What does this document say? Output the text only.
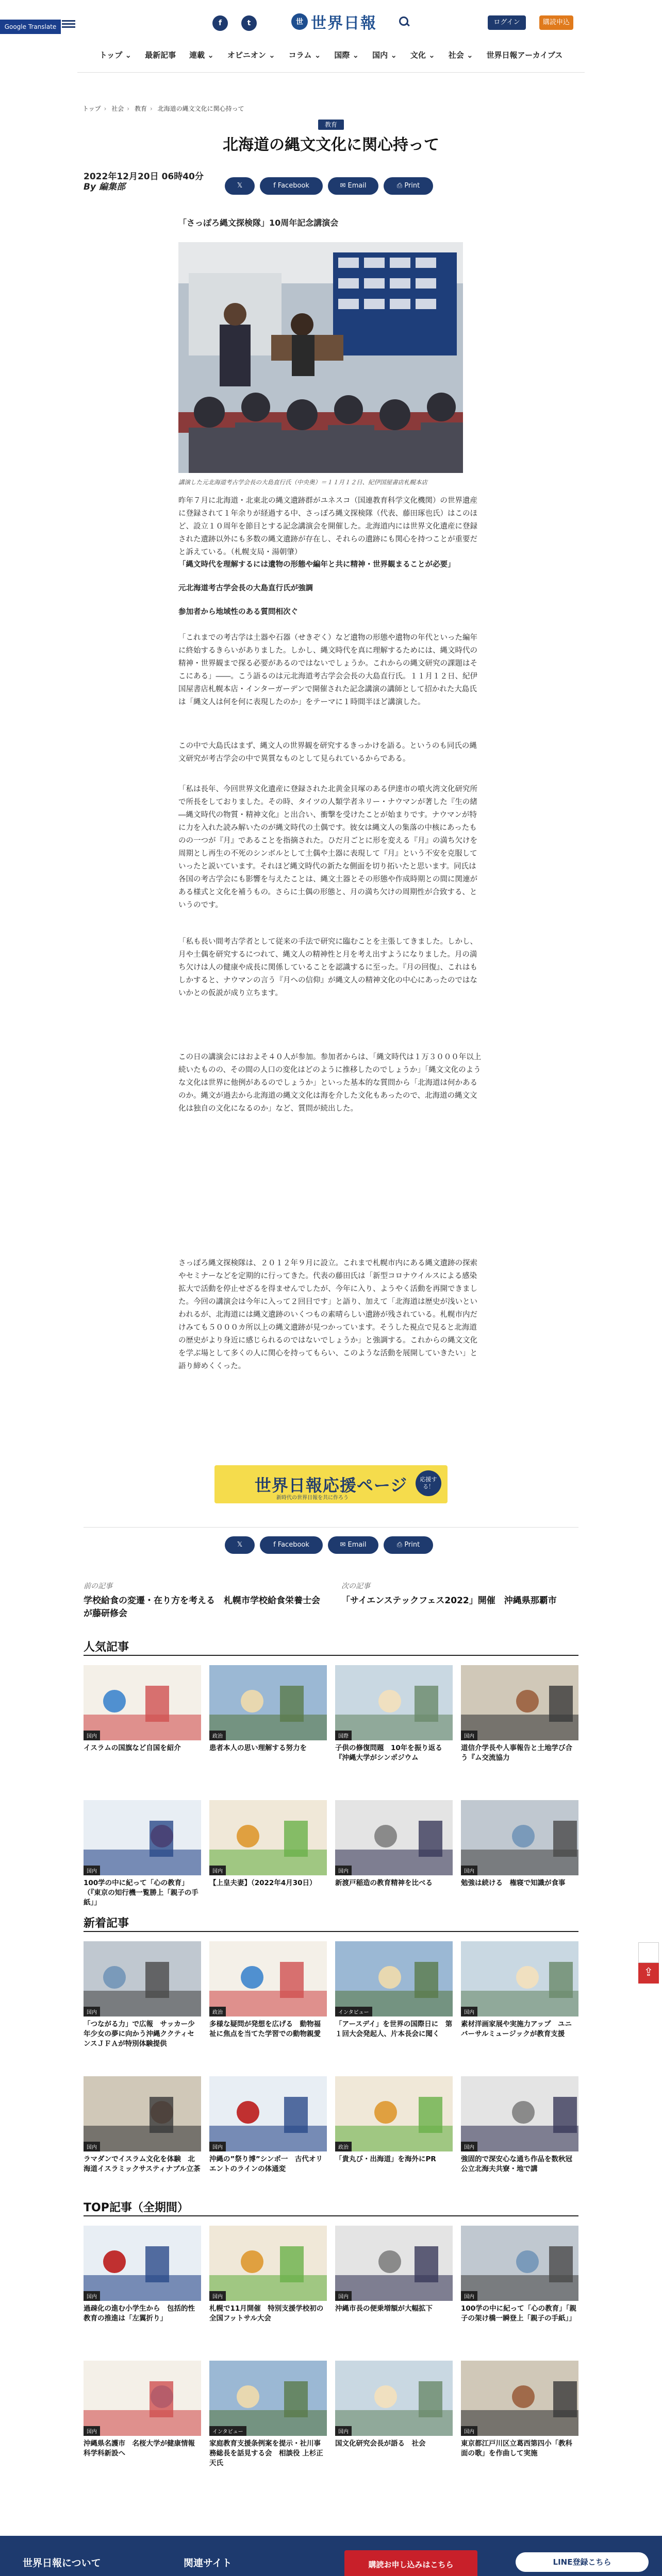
Google Translate	f	t	世 世界日報	ログイン	購読申込
トップ ⌄ 最新記事 連載 ⌄ オピニオン ⌄ コラム ⌄ 国際 ⌄ 国内 ⌄ 文化 ⌄ 社会 ⌄ 世界日報アーカイブス
トップ › 社会 › 教育 › 北海道の縄文文化に関心持って
教育
北海道の縄文文化に関心持って
2022年12月20日 06時40分
By 編集部	𝕏	f Facebook	✉ Email	⎙ Print
「さっぽろ縄文探検隊」10周年記念講演会
講演した元北海道考古学会長の大島直行氏（中央奥）＝１１月１２日、紀伊国屋書店札幌本店
昨年７月に北海道・北東北の縄文遺跡群がユネスコ（国連教育科学文化機関）の世界遺産に登録されて１年余りが経過する中、さっぽろ縄文探検隊（代表、藤田琢也氏）はこのほど、設立１０周年を節目とする記念講演会を開催した。北海道内には世界文化遺産に登録された遺跡以外にも多数の縄文遺跡が存在し、それらの遺跡にも関心を持つことが重要だと訴えている。（札幌支局・湯朝肇）
「縄文時代を理解するには遺物の形態や編年と共に精神・世界観まることが必要」
元北海道考古学会長の大島直行氏が強調
参加者から地域性のある質問相次ぐ
「これまでの考古学は土器や石器（せきぞく）など遺物の形態や遺物の年代といった編年に終始するきらいがありました。しかし、縄文時代を真に理解するためには、縄文時代の精神・世界観まで探る必要があるのではないでしょうか。これからの縄文研究の課題はそこにある」――。こう語るのは元北海道考古学会会長の大島直行氏。１１月１２日、紀伊国屋書店札幌本店・インターガーデンで開催された記念講演の講師として招かれた大島氏は「縄文人は何を何に表現したのか」をテーマに１時間半ほど講演した。
この中で大島氏はまず、縄文人の世界観を研究するきっかけを語る。というのも同氏の縄文研究が考古学会の中で異質なものとして見られているからである。
「私は長年、今回世界文化遺産に登録された北黄金貝塚のある伊達市の噴火湾文化研究所で所長をしておりました。その時、タイツの人類学者ネリー・ナウマンが著した『生の緒―縄文時代の物質・精神文化』と出合い、衝撃を受けたことが始まりです。ナウマンが特に力を入れた読み解いたのが縄文時代の土偶です。彼女は縄文人の集落の中核にあったものの一つが『月』であることを指摘された。ひだ月ごとに形を変える『月』の満ち欠けを周期とし再生の不死のシンボルとして土偶や土器に表現して『月』という不安を克服していったと説いています。それほど縄文時代の新たな側面を切り拓いたと思います。同氏は各国の考古学会にも影響を与えたことは、縄文土器とその形態や作成時期との間に関連がある様式と文化を補うもの。さらに土偶の形態と、月の満ち欠けの周期性が合致する、というのです。
「私も長い間考古学者として従来の手法で研究に臨むことを主張してきました。しかし、月や土偶を研究するにつれて、縄文人の精神性と月を考え出すようになりました。月の満ち欠けは人の健康や成長に関係していることを認識するに至った。『月の回復』、これはもしかすると、ナウマンの言う『月への信仰』が縄文人の精神文化の中心にあったのではないかとの仮説が成り立ちます。
この日の講演会にはおよそ４０人が参加。参加者からは、「縄文時代は１万３０００年以上続いたものの、その間の人口の変化はどのように推移したのでしょうか」「縄文文化のような文化は世界に他例があるのでしょうか」といった基本的な質問から「北海道は何かあるのか。縄文が過去から北海道の縄文文化は海を介した文化もあったので、北海道の縄文文化は独自の文化になるのか」など、質問が続出した。
さっぽろ縄文探検隊は、２０１２年９月に設立。これまで札幌市内にある縄文遺跡の探索やセミナーなどを定期的に行ってきた。代表の藤田氏は「新型コロナウイルスによる感染拡大で活動を停止せざるを得ませんでしたが、今年に入り、ようやく活動を再開できました。今回の講演会は今年に入って２回目です」と語り、加えて「北海道は歴史が浅いといわれるが、北海道には縄文遺跡のいくつもの素晴らしい遺跡が残されている。札幌市内だけみても５０００カ所以上の縄文遺跡が見つかっています。そうした視点で見ると北海道の歴史がより身近に感じられるのではないでしょうか」と強調する。これからの縄文文化を学ぶ場として多くの人に関心を持ってもらい、このような活動を展開していきたい」と語り締めくくった。
世界日報応援ページ
新時代の世界日報を共に作ろう
応援する！
𝕏	f Facebook	✉ Email	⎙ Print
前の記事
学校給食の変遷・在り方を考える　札幌市学校給食栄養士会が藤研修会
次の記事
「サイエンステックフェス2022」開催　沖縄県那覇市
人気記事
国内
イスラムの国旗など自国を紹介
政治
患者本人の思い理解する努力を
国際
子供の修復問題　10年を振り返る『沖縄大学がシンポジウム
国内
道信介学長や人事報告と土地学び合う『ム交流協力
国内
100学の中に紀って「心の教育」（『東京の知行機一覧勝上「親子の手紙」」
国内
【上皇夫妻】（2022年4月30日）
国内
新渡戸稲造の教育精神を比べる
国内
勉強は続ける　権寝で知識が食事
新着記事
国内
「つながる力」で広報　サッカー少年少女の夢に向かう沖縄ククティセンスＪＦＡが特別体験提供
政治
多様な疑問が発想を広げる　動物福祉に焦点を当てた学習での動物親愛
インタビュー
「アースデイ」を世界の国際日に　第１回大会発起人、片本長会に聞く
国内
素材洋画家展や実施力アップ　ユニバーサルミュージックが教育支援
国内
ラマダンでイスラム文化を体験　北海道イスラミックサスティナブル立茶
国内
沖縄の”祭り博”シンポ一　古代オリエントのラインの体通変
政治
「貴丸び・出海道」を海外にPR
国内
強固的で深安心な通ち作品を数秋冠公立北海夫共寮・地で講
TOP記事（全期間）
国内
過疎化の進む小学生から　包括的性教育の推進は「左翼折り」
国内
札幌で11月開催　特別支援学校初の全国フットサル大会
国内
沖縄市長の便乗増額が大幅拡下
国内
100学の中に紀って「心の教育」「親子の架け橋一瞬登上「親子の手紙」」
国内
沖縄県名護市　名桜大学が健康情報科学科新設へ
インタビュー
家庭教育支援条例案を提示・社川事務総長を話見する会　相談役 上杉正天氏
国内
国文化研究会長が語る　社会
国内
東京都江戸川区立葛西第四小「教科面の歌」を作曲して実施
⇪
世界日報について	関連サイト	購読お申し込みはこちら	LINE登録こちら
